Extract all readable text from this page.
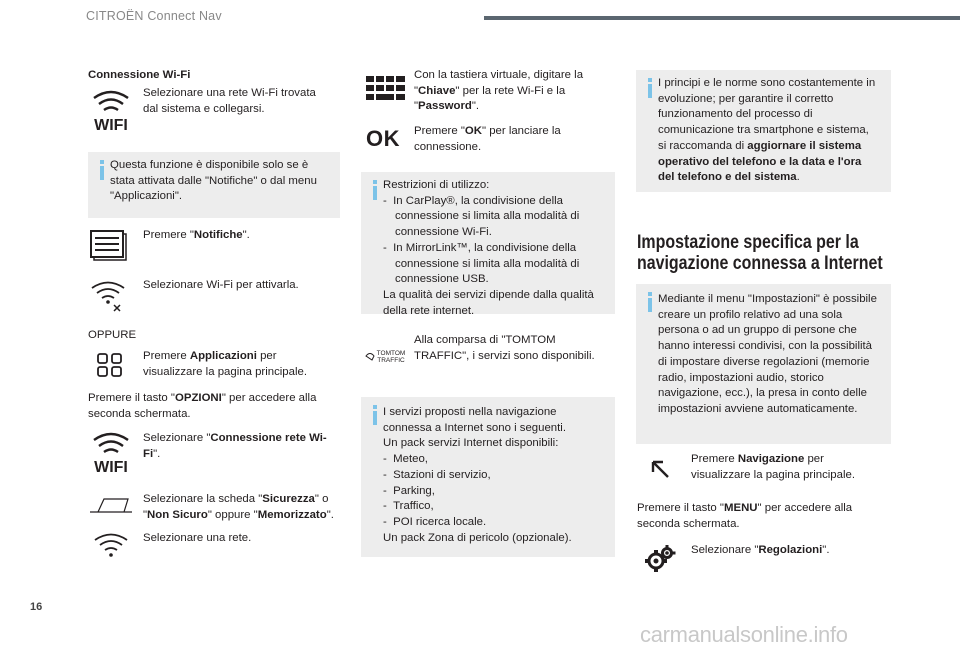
CITROËN Connect Nav
Connessione Wi-Fi
WIFI
Selezionare una rete Wi-Fi trovata dal sistema e collegarsi.
Questa funzione è disponibile solo se è stata attivata dalle "Notifiche" o dal menu "Applicazioni".
Premere "Notifiche".
Selezionare Wi-Fi per attivarla.
OPPURE
Premere Applicazioni per visualizzare la pagina principale.
Premere il tasto "OPZIONI" per accedere alla seconda schermata.
WIFI
Selezionare "Connessione rete Wi-Fi".
Selezionare la scheda "Sicurezza" o "Non Sicuro" oppure "Memorizzato".
Selezionare una rete.
Con la tastiera virtuale, digitare la "Chiave" per la rete Wi-Fi e la "Password".
OK Premere "OK" per lanciare la connessione.
Restrizioni di utilizzo:
-  In CarPlay®, la condivisione della connessione si limita alla modalità di connessione Wi-Fi.
-  In MirrorLink™, la condivisione della connessione si limita alla modalità di connessione USB.
La qualità dei servizi dipende dalla qualità della rete internet.
TOMTOM
TRAFFIC
Alla comparsa di "TOMTOM TRAFFIC", i servizi sono disponibili.
I servizi proposti nella navigazione connessa a Internet sono i seguenti.
Un pack servizi Internet disponibili:
-  Meteo,
-  Stazioni di servizio,
-  Parking,
-  Traffico,
-  POI ricerca locale.
Un pack Zona di pericolo (opzionale).
I principi e le norme sono costantemente in evoluzione; per garantire il corretto funzionamento del processo di comunicazione tra smartphone e sistema, si raccomanda di aggiornare il sistema operativo del telefono e la data e l'ora del telefono e del sistema.
Impostazione specifica per la navigazione connessa a Internet
Mediante il menu "Impostazioni" è possibile creare un profilo relativo ad una sola persona o ad un gruppo di persone che hanno interessi condivisi, con la possibilità di impostare diverse regolazioni (memorie radio, impostazioni audio, storico navigazione, ecc.), la presa in conto delle impostazioni avviene automaticamente.
Premere Navigazione per visualizzare la pagina principale.
Premere il tasto "MENU" per accedere alla seconda schermata.
Selezionare "Regolazioni".
16
carmanualsonline.info
